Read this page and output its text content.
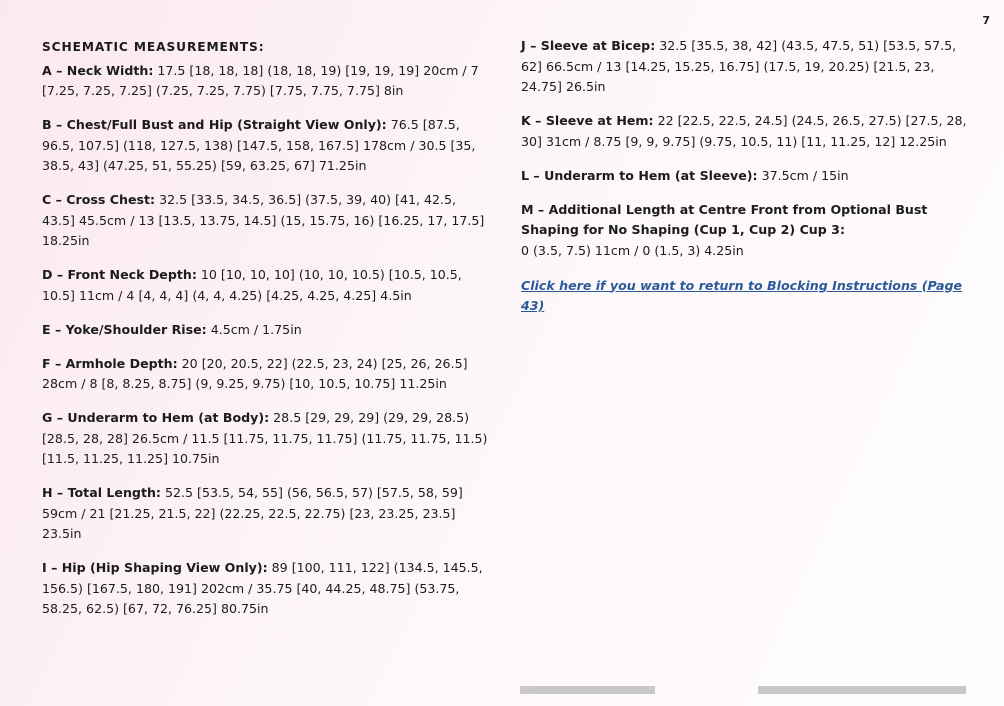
7
SCHEMATIC MEASUREMENTS:

A – Neck Width: 17.5 [18, 18, 18] (18, 18, 19) [19, 19, 19] 20cm / 7 [7.25, 7.25, 7.25] (7.25, 7.25, 7.75) [7.75, 7.75, 7.75] 8in

B – Chest/Full Bust and Hip (Straight View Only): 76.5 [87.5, 96.5, 107.5] (118, 127.5, 138) [147.5, 158, 167.5] 178cm / 30.5 [35, 38.5, 43] (47.25, 51, 55.25) [59, 63.25, 67] 71.25in

C – Cross Chest: 32.5 [33.5, 34.5, 36.5] (37.5, 39, 40) [41, 42.5, 43.5] 45.5cm / 13 [13.5, 13.75, 14.5] (15, 15.75, 16) [16.25, 17, 17.5] 18.25in

D – Front Neck Depth: 10 [10, 10, 10] (10, 10, 10.5) [10.5, 10.5, 10.5] 11cm / 4 [4, 4, 4] (4, 4, 4.25) [4.25, 4.25, 4.25] 4.5in

E – Yoke/Shoulder Rise: 4.5cm / 1.75in

F – Armhole Depth: 20 [20, 20.5, 22] (22.5, 23, 24) [25, 26, 26.5] 28cm / 8 [8, 8.25, 8.75] (9, 9.25, 9.75) [10, 10.5, 10.75] 11.25in

G – Underarm to Hem (at Body): 28.5 [29, 29, 29] (29, 29, 28.5) [28.5, 28, 28] 26.5cm / 11.5 [11.75, 11.75, 11.75] (11.75, 11.75, 11.5) [11.5, 11.25, 11.25] 10.75in

H – Total Length: 52.5 [53.5, 54, 55] (56, 56.5, 57) [57.5, 58, 59] 59cm / 21 [21.25, 21.5, 22] (22.25, 22.5, 22.75) [23, 23.25, 23.5] 23.5in

I – Hip (Hip Shaping View Only): 89 [100, 111, 122] (134.5, 145.5, 156.5) [167.5, 180, 191] 202cm / 35.75 [40, 44.25, 48.75] (53.75, 58.25, 62.5) [67, 72, 76.25] 80.75in

J – Sleeve at Bicep: 32.5 [35.5, 38, 42] (43.5, 47.5, 51) [53.5, 57.5, 62] 66.5cm / 13 [14.25, 15.25, 16.75] (17.5, 19, 20.25) [21.5, 23, 24.75] 26.5in

K – Sleeve at Hem: 22 [22.5, 22.5, 24.5] (24.5, 26.5, 27.5) [27.5, 28, 30] 31cm / 8.75 [9, 9, 9.75] (9.75, 10.5, 11) [11, 11.25, 12] 12.25in

L – Underarm to Hem (at Sleeve): 37.5cm / 15in

M – Additional Length at Centre Front from Optional Bust Shaping for No Shaping (Cup 1, Cup 2) Cup 3:
0 (3.5, 7.5) 11cm / 0 (1.5, 3) 4.25in

Click here if you want to return to Blocking Instructions (Page 43)
